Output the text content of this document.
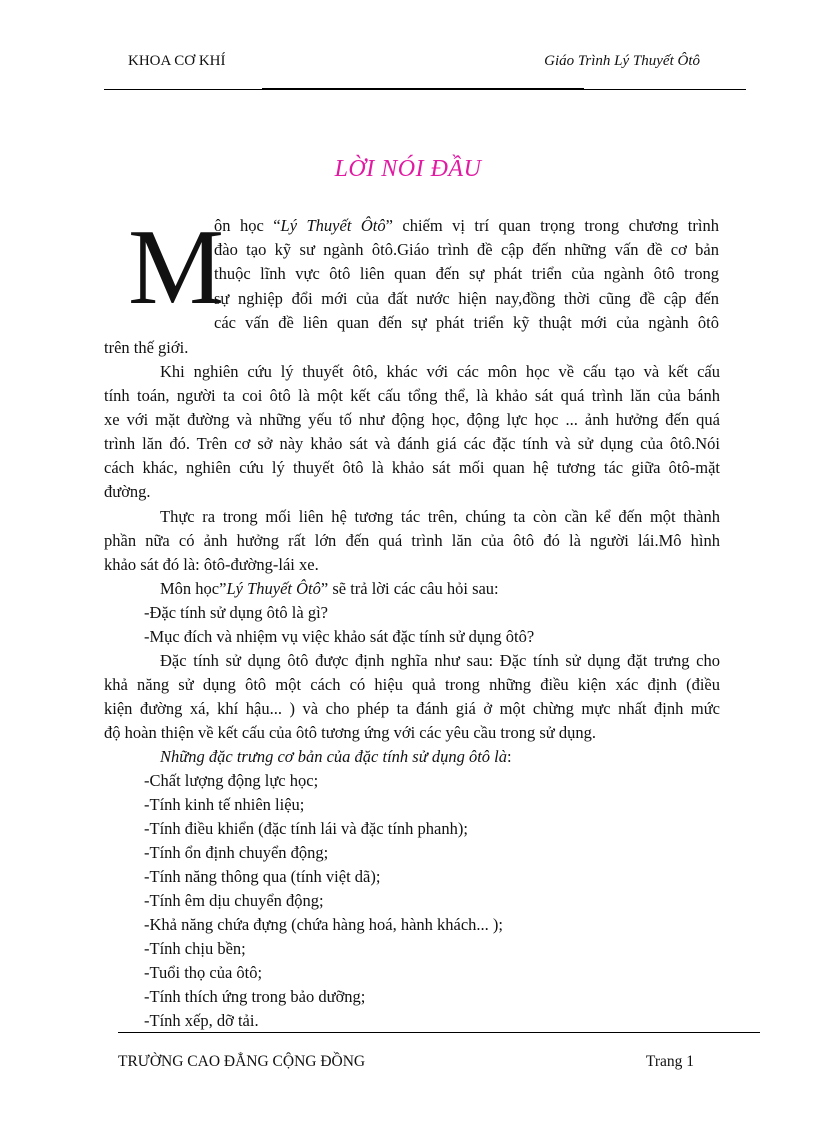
KHOA CƠ KHÍ	Giáo Trình Lý Thuyết Ôtô
LỜI NÓI ĐẦU
M
ôn học “Lý Thuyết Ôtô” chiếm vị trí quan trọng trong chương trình
đào tạo kỹ sư ngành ôtô.Giáo trình đề cập đến những vấn đề cơ bản
thuộc lĩnh vực ôtô liên quan đến sự phát triển của ngành ôtô trong
sự nghiệp đổi mới của đất nước hiện nay,đồng thời cũng đề cập đến
các vấn đề liên quan đến sự phát triển kỹ thuật mới của ngành ôtô
trên thế giới.
Khi nghiên cứu lý thuyết ôtô, khác với các môn học về cấu tạo và kết cấu
tính toán, người ta coi ôtô là một kết cấu tổng thể, là khảo sát quá trình lăn của bánh
xe với mặt đường và những yếu tố như động học, động lực học ... ảnh hưởng đến quá
trình lăn đó. Trên cơ sở này khảo sát và đánh giá các đặc tính và sử dụng của ôtô.Nói
cách khác, nghiên cứu lý thuyết ôtô là khảo sát mối quan hệ tương tác giữa ôtô-mặt
đường.
Thực ra trong mối liên hệ tương tác trên, chúng ta còn cần kể đến một thành
phần nữa có ảnh hưởng rất lớn đến quá trình lăn của ôtô đó là người lái.Mô hình
khảo sát đó là: ôtô-đường-lái xe.
Môn học”Lý Thuyết Ôtô” sẽ trả lời các câu hỏi sau:
-Đặc tính sử dụng ôtô là gì?
-Mục đích và nhiệm vụ việc khảo sát đặc tính sử dụng ôtô?
Đặc tính sử dụng ôtô được định nghĩa như sau: Đặc tính sử dụng đặt trưng cho
khả năng sử dụng ôtô một cách có hiệu quả trong những điều kiện xác định (điều
kiện đường xá, khí hậu... ) và cho phép ta đánh giá ở một chừng mực nhất định mức
độ hoàn thiện về kết cấu của ôtô tương ứng với các yêu cầu trong sử dụng.
Những đặc trưng cơ bản của đặc tính sử dụng ôtô là:
-Chất lượng động lực học;
-Tính kinh tế nhiên liệu;
-Tính điều khiển (đặc tính lái và đặc tính phanh);
-Tính ổn định chuyển động;
-Tính năng thông qua (tính việt dã);
-Tính êm dịu chuyển động;
-Khả năng chứa đựng (chứa hàng hoá, hành khách... );
-Tính chịu bền;
-Tuổi thọ của ôtô;
-Tính thích ứng trong bảo dưỡng;
-Tính xếp, dỡ tải.
TRƯỜNG CAO ĐẲNG CỘNG ĐỒNG	Trang 1
